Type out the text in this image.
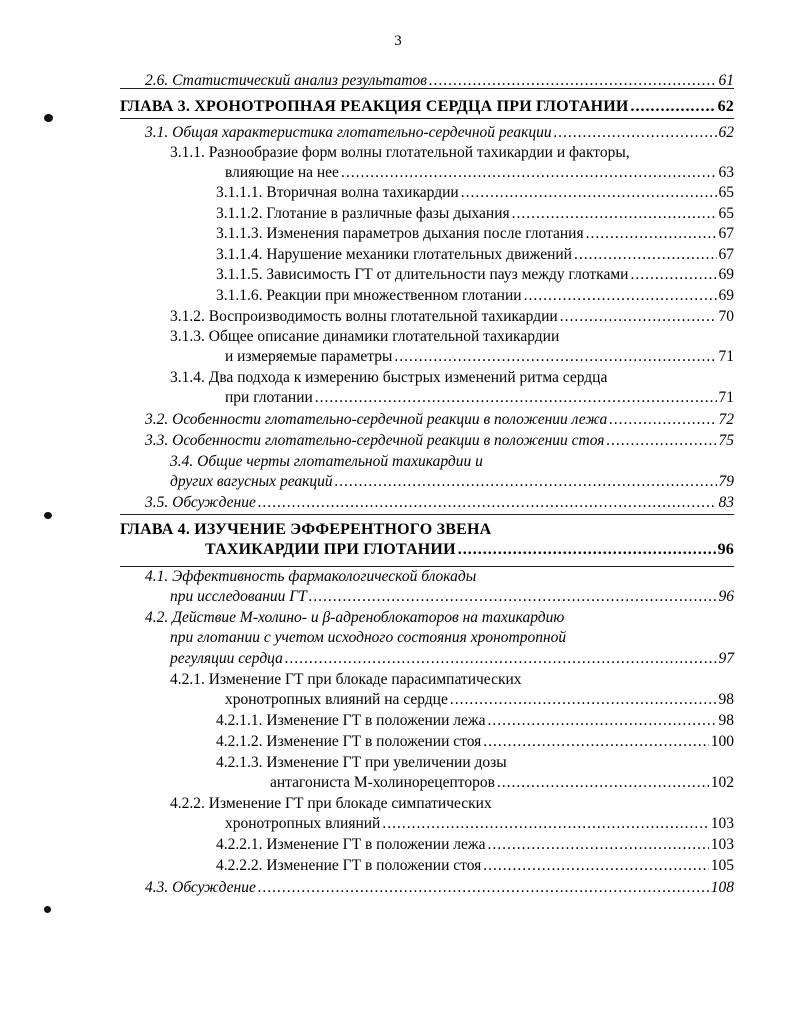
3
2.6. Статистический анализ результатов .....	61
ГЛАВА 3. ХРОНОТРОПНАЯ РЕАКЦИЯ СЕРДЦА ПРИ ГЛОТАНИИ .....	62
3.1. Общая характеристика глотательно-сердечной реакции .....	62
3.1.1. Разнообразие форм волны глотательной тахикардии и факторы,
влияющие на нее .....	63
3.1.1.1. Вторичная волна тахикардии .....	65
3.1.1.2. Глотание в различные фазы дыхания .....	65
3.1.1.3. Изменения параметров дыхания после глотания .....	67
3.1.1.4. Нарушение механики глотательных движений .....	67
3.1.1.5. Зависимость ГТ от длительности пауз между глотками .....	69
3.1.1.6. Реакции при множественном глотании .....	69
3.1.2. Воспроизводимость волны глотательной тахикардии .....	70
3.1.3. Общее описание динамики глотательной тахикардии
и измеряемые параметры .....	71
3.1.4. Два подхода к измерению быстрых изменений ритма сердца
при глотании .....	71
3.2. Особенности глотательно-сердечной реакции в положении лежа .....	72
3.3. Особенности глотательно-сердечной реакции в положении стоя .....	75
3.4. Общие черты глотательной тахикардии и
других вагусных реакций .....	79
3.5. Обсуждение .....	83
ГЛАВА 4. ИЗУЧЕНИЕ ЭФФЕРЕНТНОГО ЗВЕНА
ТАХИКАРДИИ ПРИ ГЛОТАНИИ .....	96
4.1. Эффективность фармакологической блокады
при исследовании ГТ .....	96
4.2. Действие М-холино- и β-адреноблокаторов на тахикардию
при глотании с учетом исходного состояния хронотропной
регуляции сердца .....	97
4.2.1. Изменение ГТ при блокаде парасимпатических
хронотропных влияний на сердце .....	98
4.2.1.1. Изменение ГТ в положении лежа .....	98
4.2.1.2. Изменение ГТ в положении стоя .....	100
4.2.1.3. Изменение ГТ при увеличении дозы
антагониста М-холинорецепторов .....	102
4.2.2. Изменение ГТ при блокаде симпатических
хронотропных влияний .....	103
4.2.2.1. Изменение ГТ в положении лежа .....	103
4.2.2.2. Изменение ГТ в положении стоя .....	105
4.3. Обсуждение .....	108
